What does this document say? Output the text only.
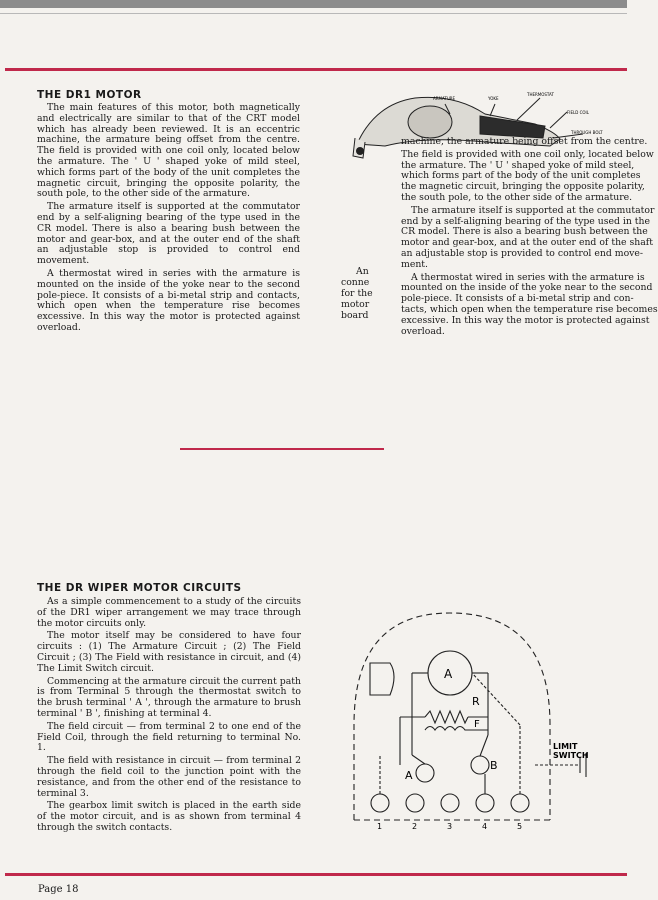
THE DR1 MOTOR

The main features of this motor, both magnetically and electrically are similar to that of the CRT model which has already been reviewed. It is an eccentric machine, the armature being offset from the centre. The field is provided with one coil only, located below the armature. The ' U ' shaped yoke of mild steel, which forms part of the body of the unit completes the magnetic circuit, bringing the opposite polarity, the south pole, to the other side of the armature.

The armature itself is supported at the commutator end by a self-aligning bearing of the type used in the CR model. There is also a bearing bush between the motor and gear-box, and at the outer end of the shaft an adjustable stop is provided to control end movement.

A thermostat wired in series with the armature is mounted on the inside of the yoke near to the second pole-piece. It consists of a bi-metal strip and contacts, which open when the temperature rise becomes excessive. In this way the motor is protected against overload.

ARMATURE	YOKE
THERMOSTAT
FIELD COIL
THROUGH BOLT

machine, the armature being offset from the centre.

The field is provided with one coil only, located below

the armature. The ' U ' shaped yoke of mild steel,

which forms part of the body of the unit completes

the magnetic circuit, bringing the opposite polarity,

the south pole, to the other side of the armature.

The armature itself is supported at the commutator

end by a self-aligning bearing of the type used in the

CR model. There is also a bearing bush between the

motor and gear-box, and at the outer end of the shaft

an adjustable stop is provided to control end move-

ment.

A thermostat wired in series with the armature is

mounted on the inside of the yoke near to the second

pole-piece. It consists of a bi-metal strip and con-

tacts, which open when the temperature rise becomes

excessive. In this way the motor is protected against

overload.

An
conne
for the
motor
board
THE DR WIPER MOTOR CIRCUITS

As a simple commencement to a study of the circuits of the DR1 wiper arrangement we may trace through the motor circuits only.

The motor itself may be considered to have four circuits : (1) The Armature Circuit ; (2) The Field Circuit ; (3) The Field with resistance in circuit, and (4) The Limit Switch circuit.

Commencing at the armature circuit the current path is from Terminal 5 through the thermostat switch to the brush terminal ' A ', through the armature to brush terminal ' B ', finishing at terminal 4.

The field circuit — from terminal 2 to one end of the Field Coil, through the field returning to terminal No. 1.

The field with resistance in circuit — from terminal 2 through the field coil to the junction point with the resistance, and from the other end of the resistance to terminal 3.

The gearbox limit switch is placed in the earth side of the motor circuit, and is as shown from terminal 4 through the switch contacts.

A
R
F
A
B
LIMIT
SWITCH
1	2	3	4	5
Page 18
